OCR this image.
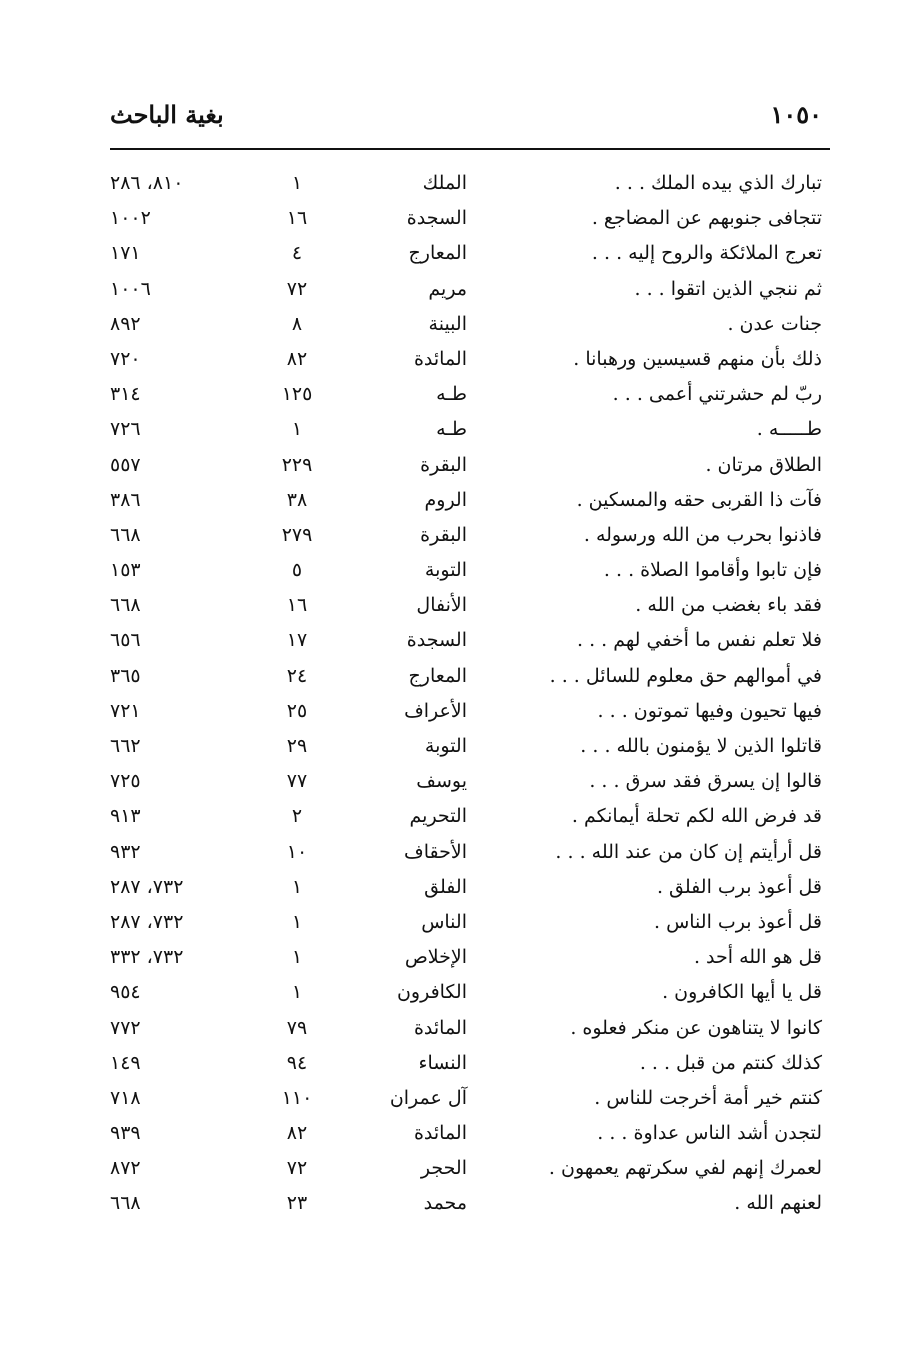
١٠٥٠
بغية الباحث
تبارك الذي بيده الملك . . .
الملك
١
٨١٠، ٢٨٦
تتجافى جنوبهم عن المضاجع .
السجدة
١٦
١٠٠٢
تعرج الملائكة والروح إليه . . .
المعارج
٤
١٧١
ثم ننجي الذين اتقوا . . .
مريم
٧٢
١٠٠٦
جنات عدن .
البينة
٨
٨٩٢
ذلك بأن منهم قسيسين ورهبانا .
المائدة
٨٢
٧٢٠
ربّ لم حشرتني أعمى . . .
طـه
١٢٥
٣١٤
طـــــه .
طـه
١
٧٢٦
الطلاق مرتان .
البقرة
٢٢٩
٥٥٧
فآت ذا القربى حقه والمسكين .
الروم
٣٨
٣٨٦
فاذنوا بحرب من الله ورسوله .
البقرة
٢٧٩
٦٦٨
فإن تابوا وأقاموا الصلاة . . .
التوبة
٥
١٥٣
فقد باء بغضب من الله .
الأنفال
١٦
٦٦٨
فلا تعلم نفس ما أخفي لهم . . .
السجدة
١٧
٦٥٦
في أموالهم حق معلوم للسائل . . .
المعارج
٢٤
٣٦٥
فيها تحيون وفيها تموتون . . .
الأعراف
٢٥
٧٢١
قاتلوا الذين لا يؤمنون بالله . . .
التوبة
٢٩
٦٦٢
قالوا إن يسرق فقد سرق . . .
يوسف
٧٧
٧٢٥
قد فرض الله لكم تحلة أيمانكم .
التحريم
٢
٩١٣
قل أرأيتم إن كان من عند الله . . .
الأحقاف
١٠
٩٣٢
قل أعوذ برب الفلق .
الفلق
١
٧٣٢، ٢٨٧
قل أعوذ برب الناس .
الناس
١
٧٣٢، ٢٨٧
قل هو الله أحد .
الإخلاص
١
٧٣٢، ٣٣٢
قل يا أيها الكافرون .
الكافرون
١
٩٥٤
كانوا لا يتناهون عن منكر فعلوه .
المائدة
٧٩
٧٧٢
كذلك كنتم من قبل . . .
النساء
٩٤
١٤٩
كنتم خير أمة أخرجت للناس .
آل عمران
١١٠
٧١٨
لتجدن أشد الناس عداوة . . .
المائدة
٨٢
٩٣٩
لعمرك إنهم لفي سكرتهم يعمهون .
الحجر
٧٢
٨٧٢
لعنهم الله .
محمد
٢٣
٦٦٨
